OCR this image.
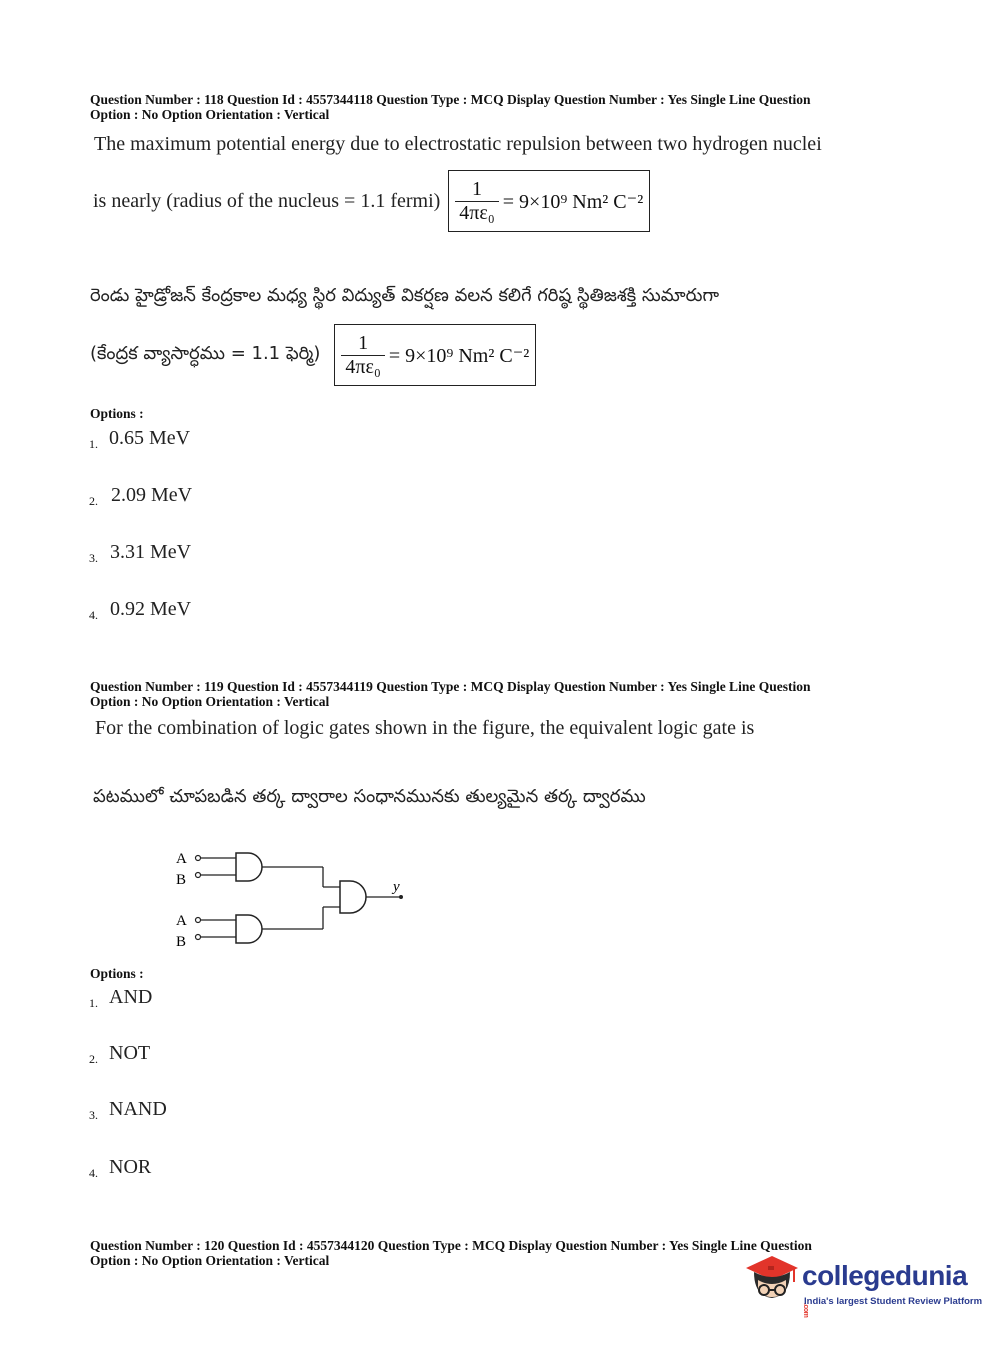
Question Number : 118 Question Id : 4557344118 Question Type : MCQ Display Question Number : Yes Single Line Question
Option : No Option Orientation : Vertical
The maximum potential energy due to electrostatic repulsion between two hydrogen nuclei
is nearly (radius of the nucleus = 1.1 fermi) $\frac{1}{\text{4πε₀}} = 9\times 10^9$ Nm² C⁻²
రెండు హైడ్రోజన్ కేంద్రకాల మధ్య స్థిర విద్యుత్ వికర్షణ వలన కలిగే గరిష్ఠ స్థితిజశక్తి సుమారుగా
(కేంద్రక వ్యాసార్ధము = 1.1 ఫెర్మి) $\frac{1}{\text{4πε₀}} = 9\times 10^9$ Nm² C⁻²
Options :
1. 0.65 MeV
2. 2.09 MeV
3. 3.31 MeV
4. 0.92 MeV
Question Number : 119 Question Id : 4557344119 Question Type : MCQ Display Question Number : Yes Single Line Question
Option : No Option Orientation : Vertical
For the combination of logic gates shown in the figure, the equivalent logic gate is
పటములో చూపబడిన తర్క ద్వారాల సంధానమునకు తుల్యమైన తర్క ద్వారము
A
B
A
B
y
Options :
1. AND
2. NOT
3. NAND
4. NOR
Question Number : 120 Question Id : 4557344120 Question Type : MCQ Display Question Number : Yes Single Line Question
Option : No Option Orientation : Vertical	collegedunia.com
India's largest Student Review Platform
